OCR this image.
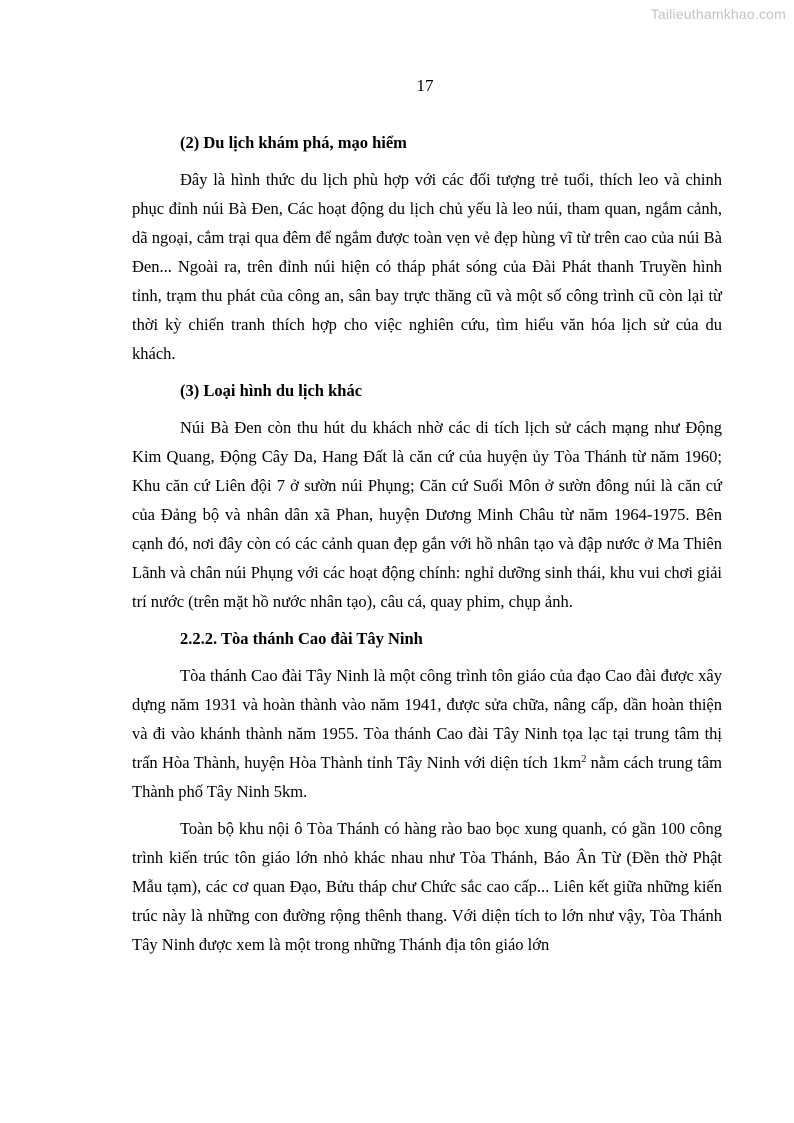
Tailieuthamkhao.com
17
(2) Du lịch khám phá, mạo hiểm

Đây là hình thức du lịch phù hợp với các đối tượng trẻ tuổi, thích leo và chinh phục đỉnh núi Bà Đen, Các hoạt động du lịch chủ yếu là leo núi, tham quan, ngắm cảnh, dã ngoại, cắm trại qua đêm để ngắm được toàn vẹn vẻ đẹp hùng vĩ từ trên cao của núi Bà Đen... Ngoài ra, trên đỉnh núi hiện có tháp phát sóng của Đài Phát thanh Truyền hình tỉnh, trạm thu phát của công an, sân bay trực thăng cũ và một số công trình cũ còn lại từ thời kỳ chiến tranh thích hợp cho việc nghiên cứu, tìm hiểu văn hóa lịch sử của du khách.

(3) Loại hình du lịch khác

Núi Bà Đen còn thu hút du khách nhờ các di tích lịch sử cách mạng như Động Kim Quang, Động Cây Da, Hang Đất là căn cứ của huyện ủy Tòa Thánh từ năm 1960; Khu căn cứ Liên đội 7 ở sườn núi Phụng; Căn cứ Suối Môn ở sườn đông núi là căn cứ của Đảng bộ và nhân dân xã Phan, huyện Dương Minh Châu từ năm 1964-1975. Bên cạnh đó, nơi đây còn có các cảnh quan đẹp gắn với hồ nhân tạo và đập nước ở Ma Thiên Lãnh và chân núi Phụng với các hoạt động chính: nghỉ dưỡng sinh thái, khu vui chơi giải trí nước (trên mặt hồ nước nhân tạo), câu cá, quay phim, chụp ảnh.

2.2.2. Tòa thánh Cao đài Tây Ninh

Tòa thánh Cao đài Tây Ninh là một công trình tôn giáo của đạo Cao đài được xây dựng năm 1931 và hoàn thành vào năm 1941, được sửa chữa, nâng cấp, dần hoàn thiện và đi vào khánh thành năm 1955. Tòa thánh Cao đài Tây Ninh tọa lạc tại trung tâm thị trấn Hòa Thành, huyện Hòa Thành tỉnh Tây Ninh với diện tích $1km^2$ nằm cách trung tâm Thành phố Tây Ninh 5km.

Toàn bộ khu nội ô Tòa Thánh có hàng rào bao bọc xung quanh, có gần 100 công trình kiến trúc tôn giáo lớn nhỏ khác nhau như Tòa Thánh, Báo Ân Từ (Đền thờ Phật Mẫu tạm), các cơ quan Đạo, Bửu tháp chư Chức sắc cao cấp... Liên kết giữa những kiến trúc này là những con đường rộng thênh thang. Với diện tích to lớn như vậy, Tòa Thánh Tây Ninh được xem là một trong những Thánh địa tôn giáo lớn
